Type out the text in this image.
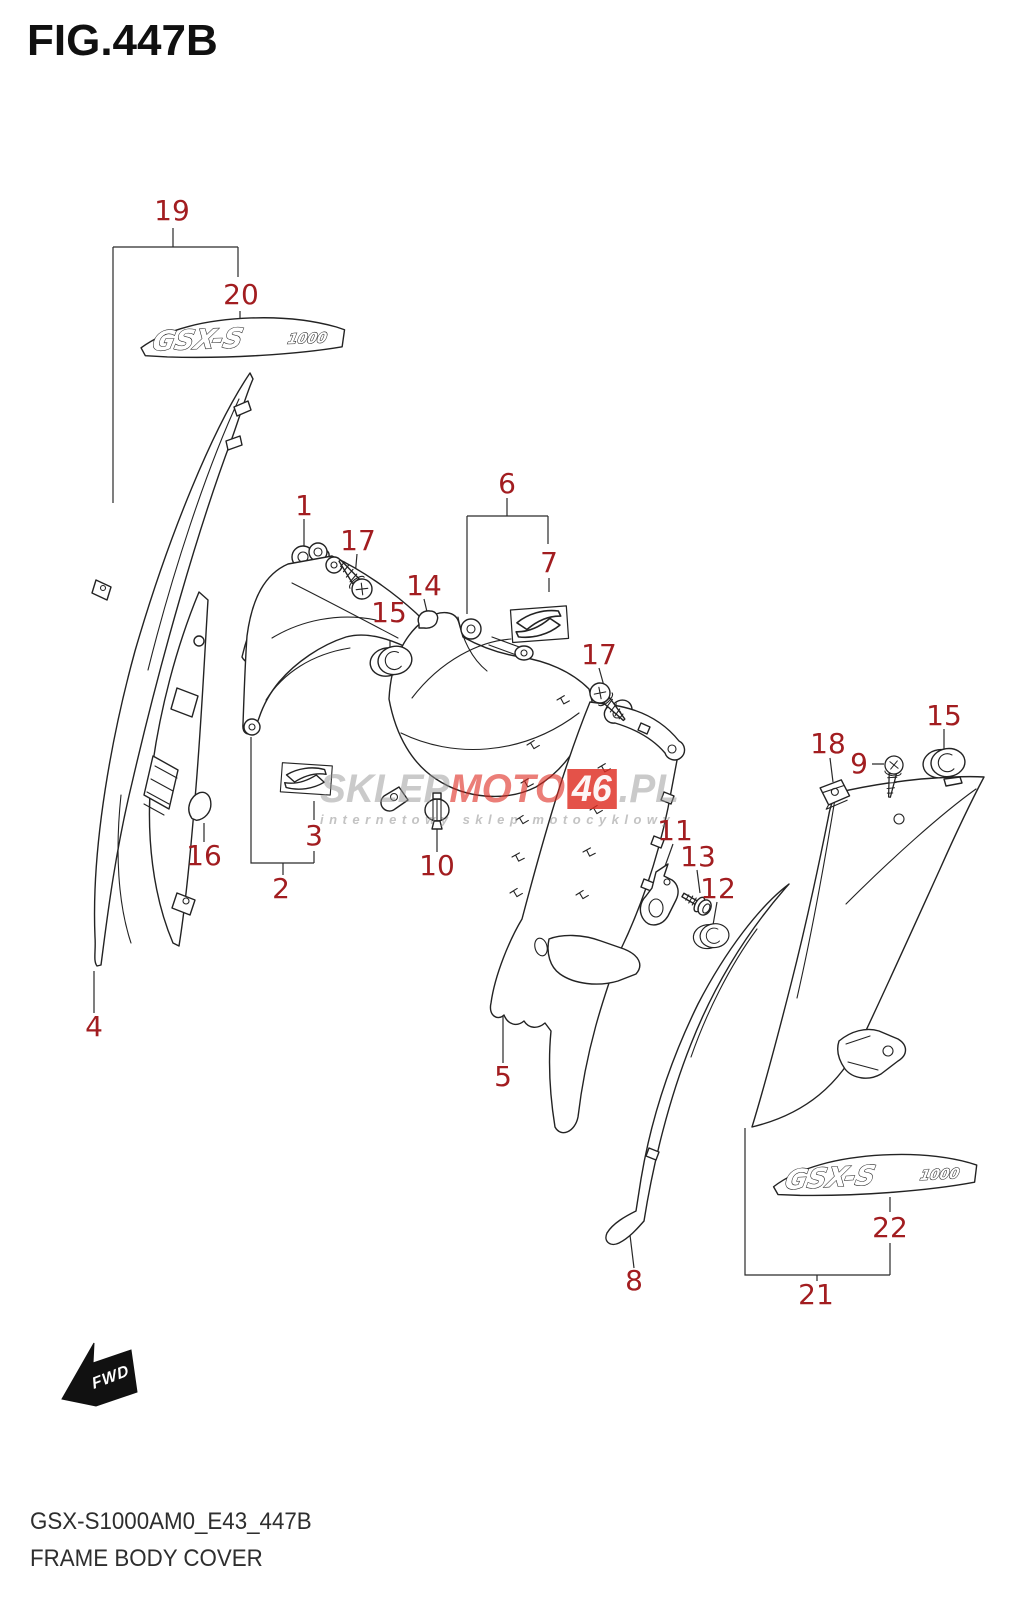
GSX-S	1000
GSX-S	1000
FWD
SKLEP MOTO 46 .PL
internetowy sklep motocyklowy
FIG.447B
19
20
1
17
14
15
6
7
17
3
2
16	10
11
13
12
5
8
4
18
9
15
22
21
GSX-S1000AM0_E43_447B
FRAME BODY COVER
